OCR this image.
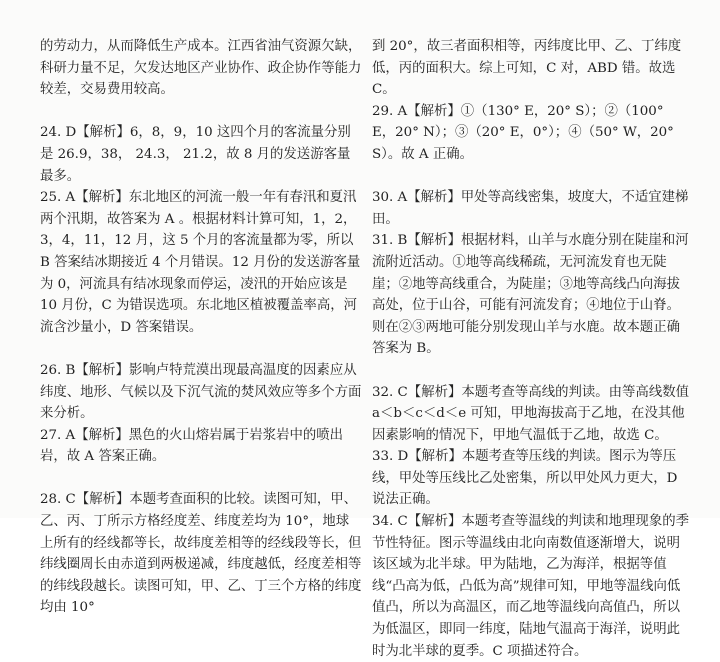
的劳动力，从而降低生产成本。江西省油气资源欠缺，科研力量不足，欠发达地区产业协作、政企协作等能力较差，交易费用较高。

24. D【解析】6，8，9，10 这四个月的客流量分别是 26.9，38， 24.3， 21.2，故 8 月的发送游客量最多。

25. A【解析】东北地区的河流一般一年有春汛和夏汛两个汛期，故答案为 A 。根据材料计算可知，1，2，3，4，11，12 月，这 5 个月的客流量都为零，所以 B 答案结冰期接近 4 个月错误。12 月份的发送游客量为 0，河流具有结冰现象而停运，凌汛的开始应该是 10 月份，C 为错误选项。东北地区植被覆盖率高，河流含沙量小，D 答案错误。

26. B【解析】影响卢特荒漠出现最高温度的因素应从纬度、地形、气候以及下沉气流的焚风效应等多个方面来分析。

27. A【解析】黑色的火山熔岩属于岩浆岩中的喷出岩，故 A 答案正确。

28. C【解析】本题考查面积的比较。读图可知，甲、乙、丙、丁所示方格经度差、纬度差均为 10°，地球上所有的经线都等长，故纬度差相等的经线段等长，但纬线圈周长由赤道到两极递减，纬度越低，经度差相等的纬线段越长。读图可知，甲、乙、丁三个方格的纬度均由 10°

到 20°，故三者面积相等，丙纬度比甲、乙、丁纬度低，丙的面积大。综上可知，C 对，ABD 错。故选 C。

29. A【解析】①（130° E，20° S）；②（100° E，20° N）；③（20° E，0°）；④（50° W，20° S）。故 A 正确。

30. A【解析】甲处等高线密集，坡度大，不适宜建梯田。

31. B【解析】根据材料，山羊与水鹿分别在陡崖和河流附近活动。①地等高线稀疏，无河流发育也无陡崖；②地等高线重合，为陡崖；③地等高线凸向海拔高处，位于山谷，可能有河流发育；④地位于山脊。则在②③两地可能分别发现山羊与水鹿。故本题正确答案为 B。

32. C【解析】本题考查等高线的判读。由等高线数值 a＜b＜c＜d＜e 可知，甲地海拔高于乙地，在没其他因素影响的情况下，甲地气温低于乙地，故选 C。

33. D【解析】本题考查等压线的判读。图示为等压线，甲处等压线比乙处密集，所以甲处风力更大，D 说法正确。

34. C【解析】本题考查等温线的判读和地理现象的季节性特征。图示等温线由北向南数值逐渐增大，说明该区域为北半球。甲为陆地，乙为海洋，根据等值线“凸高为低，凸低为高”规律可知，甲地等温线向低值凸，所以为高温区，而乙地等温线向高值凸，所以为低温区，即同一纬度，陆地气温高于海洋，说明此时为北半球的夏季。C 项描述符合。
